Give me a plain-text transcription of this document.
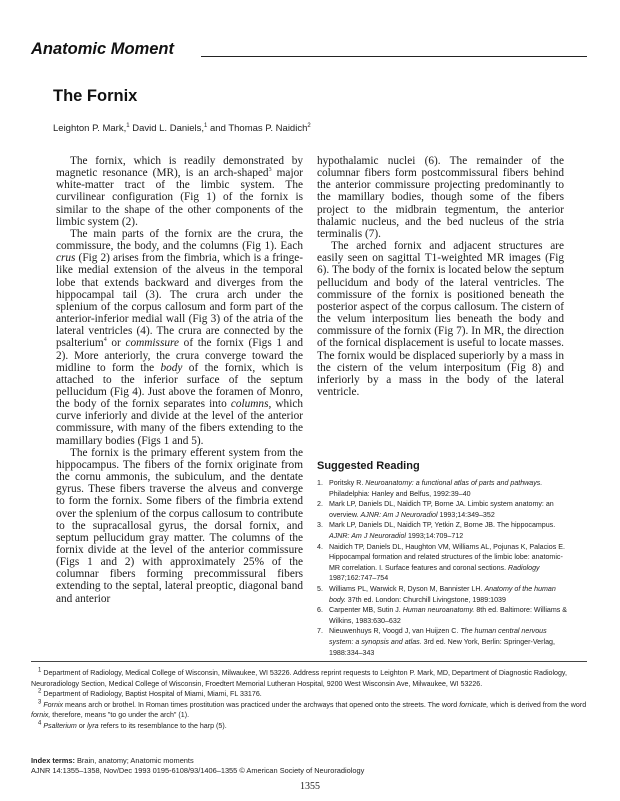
Anatomic Moment
The Fornix
Leighton P. Mark,$^1$ David L. Daniels,$^1$ and Thomas P. Naidich$^2$

The fornix, which is readily demonstrated by magnetic resonance (MR), is an arch-shaped$^3$ major white-matter tract of the limbic system. The curvilinear configuration (Fig 1) of the fornix is similar to the shape of the other components of the limbic system (2).

The main parts of the fornix are the crura, the commissure, the body, and the columns (Fig 1). Each crus (Fig 2) arises from the fimbria, which is a fringe-like medial extension of the alveus in the temporal lobe that extends backward and diverges from the hippocampal tail (3). The crura arch under the splenium of the corpus callosum and form part of the anterior-inferior medial wall (Fig 3) of the atria of the lateral ventricles (4). The crura are connected by the psalterium$^4$ or commissure of the fornix (Figs 1 and 2). More anteriorly, the crura converge toward the midline to form the body of the fornix, which is attached to the inferior surface of the septum pellucidum (Fig 4). Just above the foramen of Monro, the body of the fornix separates into columns, which curve inferiorly and divide at the level of the anterior commissure, with many of the fibers extending to the mamillary bodies (Figs 1 and 5).

The fornix is the primary efferent system from the hippocampus. The fibers of the fornix originate from the cornu ammonis, the subiculum, and the dentate gyrus. These fibers traverse the alveus and converge to form the fornix. Some fibers of the fimbria extend over the splenium of the corpus callosum to contribute to the supracallosal gyrus, the dorsal fornix, and septum pellucidum gray matter. The columns of the fornix divide at the level of the anterior commissure (Figs 1 and 2) with approximately 25% of the columnar fibers forming precommissural fibers extending to the septal, lateral preoptic, diagonal band and anterior

hypothalamic nuclei (6). The remainder of the columnar fibers form postcommissural fibers behind the anterior commissure projecting predominantly to the mamillary bodies, though some of the fibers project to the midbrain tegmentum, the anterior thalamic nucleus, and the bed nucleus of the stria terminalis (7).

The arched fornix and adjacent structures are easily seen on sagittal T1-weighted MR images (Fig 6). The body of the fornix is located below the septum pellucidum and body of the lateral ventricles. The commissure of the fornix is positioned beneath the posterior aspect of the corpus callosum. The cistern of the velum interpositum lies beneath the body and commissure of the fornix (Fig 7). In MR, the direction of the fornical displacement is useful to locate masses. The fornix would be displaced superiorly by a mass in the cistern of the velum interpositum (Fig 8) and inferiorly by a mass in the body of the lateral ventricle.

Suggested Reading
1. Poritsky R. Neuroanatomy: a functional atlas of parts and pathways. Philadelphia: Hanley and Belfus, 1992:39–40
2. Mark LP, Daniels DL, Naidich TP, Borne JA. Limbic system anatomy: an overview. AJNR: Am J Neuroradiol 1993;14:349–352
3. Mark LP, Daniels DL, Naidich TP, Yetkin Z, Borne JB. The hippocampus. AJNR: Am J Neuroradiol 1993;14:709–712
4. Naidich TP, Daniels DL, Haughton VM, Williams AL, Pojunas K, Palacios E. Hippocampal formation and related structures of the limbic lobe: anatomic-MR correlation. I. Surface features and coronal sections. Radiology 1987;162:747–754
5. Williams PL, Warwick R, Dyson M, Bannister LH. Anatomy of the human body. 37th ed. London: Churchill Livingstone, 1989:1039
6. Carpenter MB, Sutin J. Human neuroanatomy. 8th ed. Baltimore: Williams & Wilkins, 1983:630–632
7. Nieuwenhuys R, Voogd J, van Huijzen C. The human central nervous system: a synopsis and atlas. 3rd ed. New York, Berlin: Springer-Verlag, 1988:334–343

$^1$ Department of Radiology, Medical College of Wisconsin, Milwaukee, WI 53226. Address reprint requests to Leighton P. Mark, MD, Department of Diagnostic Radiology, Neuroradiology Section, Medical College of Wisconsin, Froedtert Memorial Lutheran Hospital, 9200 West Wisconsin Ave, Milwaukee, WI 53226.

$^2$ Department of Radiology, Baptist Hospital of Miami, Miami, FL 33176.

$^3$ Fornix means arch or brothel. In Roman times prostitution was practiced under the archways that opened onto the streets. The word fornicate, which is derived from the word fornix, therefore, means "to go under the arch" (1).

$^4$ Psalterium or lyra refers to its resemblance to the harp (5).

Index terms: Brain, anatomy; Anatomic moments
AJNR 14:1355–1358, Nov/Dec 1993 0195-6108/93/1406–1355 © American Society of Neuroradiology
1355
